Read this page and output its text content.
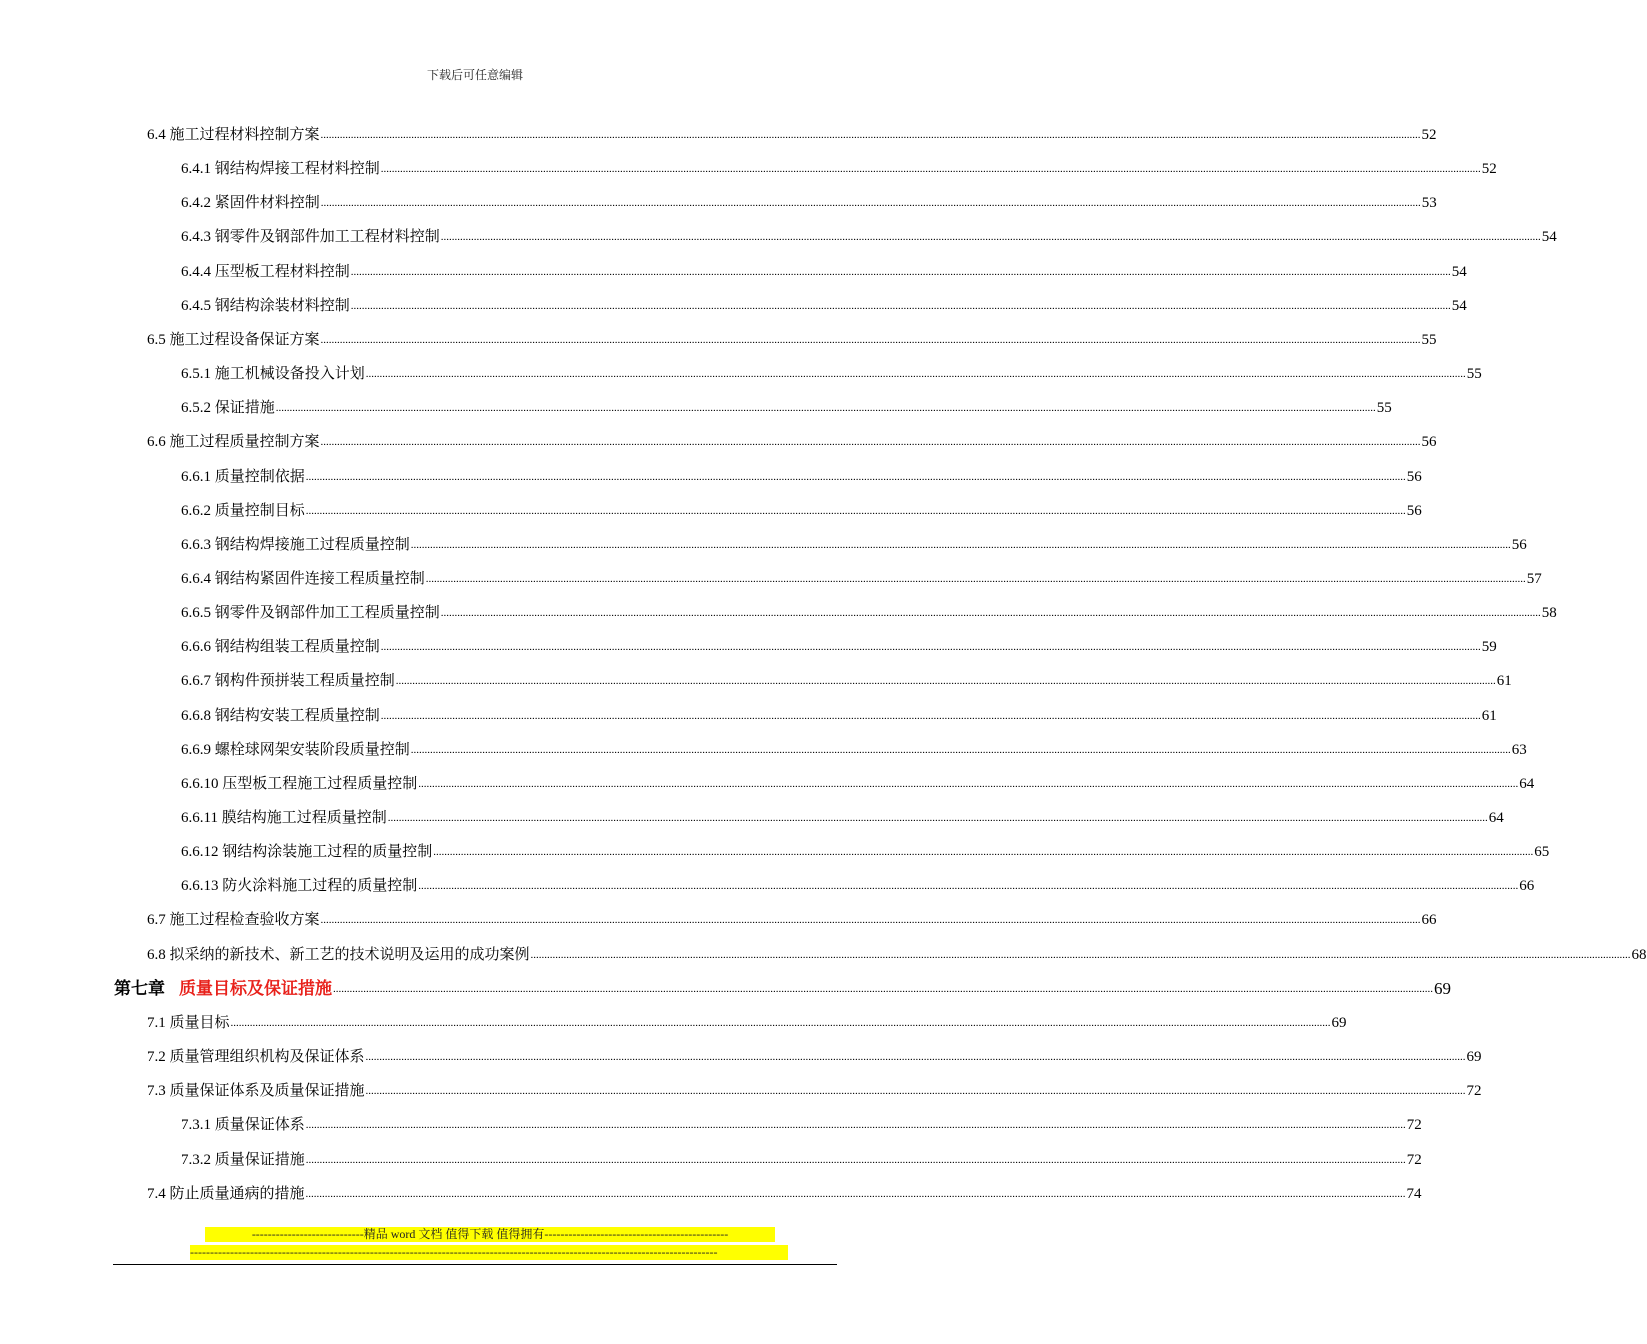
下载后可任意编辑
6.4 施工过程材料控制方案 ................................................................................................................................................................................................................................................................................................................................................................................................................ 52
6.4.1 钢结构焊接工程材料控制 ................................................................................................................................................................................................................................................................................................................................................................................................................ 52
6.4.2 紧固件材料控制 ................................................................................................................................................................................................................................................................................................................................................................................................................ 53
6.4.3 钢零件及钢部件加工工程材料控制 ................................................................................................................................................................................................................................................................................................................................................................................................................ 54
6.4.4 压型板工程材料控制 ................................................................................................................................................................................................................................................................................................................................................................................................................ 54
6.4.5 钢结构涂装材料控制 ................................................................................................................................................................................................................................................................................................................................................................................................................ 54
6.5 施工过程设备保证方案 ................................................................................................................................................................................................................................................................................................................................................................................................................ 55
6.5.1 施工机械设备投入计划 ................................................................................................................................................................................................................................................................................................................................................................................................................ 55
6.5.2 保证措施 ................................................................................................................................................................................................................................................................................................................................................................................................................ 55
6.6 施工过程质量控制方案 ................................................................................................................................................................................................................................................................................................................................................................................................................ 56
6.6.1 质量控制依据 ................................................................................................................................................................................................................................................................................................................................................................................................................ 56
6.6.2 质量控制目标 ................................................................................................................................................................................................................................................................................................................................................................................................................ 56
6.6.3 钢结构焊接施工过程质量控制 ................................................................................................................................................................................................................................................................................................................................................................................................................ 56
6.6.4 钢结构紧固件连接工程质量控制 ................................................................................................................................................................................................................................................................................................................................................................................................................ 57
6.6.5 钢零件及钢部件加工工程质量控制 ................................................................................................................................................................................................................................................................................................................................................................................................................ 58
6.6.6 钢结构组装工程质量控制 ................................................................................................................................................................................................................................................................................................................................................................................................................ 59
6.6.7 钢构件预拼装工程质量控制 ................................................................................................................................................................................................................................................................................................................................................................................................................ 61
6.6.8 钢结构安装工程质量控制 ................................................................................................................................................................................................................................................................................................................................................................................................................ 61
6.6.9 螺栓球网架安装阶段质量控制 ................................................................................................................................................................................................................................................................................................................................................................................................................ 63
6.6.10 压型板工程施工过程质量控制 ................................................................................................................................................................................................................................................................................................................................................................................................................ 64
6.6.11 膜结构施工过程质量控制 ................................................................................................................................................................................................................................................................................................................................................................................................................ 64
6.6.12 钢结构涂装施工过程的质量控制 ................................................................................................................................................................................................................................................................................................................................................................................................................ 65
6.6.13 防火涂料施工过程的质量控制 ................................................................................................................................................................................................................................................................................................................................................................................................................ 66
6.7 施工过程检查验收方案 ................................................................................................................................................................................................................................................................................................................................................................................................................ 66
6.8 拟采纳的新技术、新工艺的技术说明及运用的成功案例 ................................................................................................................................................................................................................................................................................................................................................................................................................ 68
第七章 质量目标及保证措施 ................................................................................................................................................................................................................................................................................................................................................................................................................ 69
7.1 质量目标 ................................................................................................................................................................................................................................................................................................................................................................................................................ 69
7.2 质量管理组织机构及保证体系 ................................................................................................................................................................................................................................................................................................................................................................................................................ 69
7.3 质量保证体系及质量保证措施 ................................................................................................................................................................................................................................................................................................................................................................................................................ 72
7.3.1 质量保证体系 ................................................................................................................................................................................................................................................................................................................................................................................................................ 72
7.3.2 质量保证措施 ................................................................................................................................................................................................................................................................................................................................................................................................................ 72
7.4 防止质量通病的措施 ................................................................................................................................................................................................................................................................................................................................................................................................................ 74
----------------------------精品 word 文档 值得下载 值得拥有----------------------------------------------
------------------------------------------------------------------------------------------------------------------------------------
